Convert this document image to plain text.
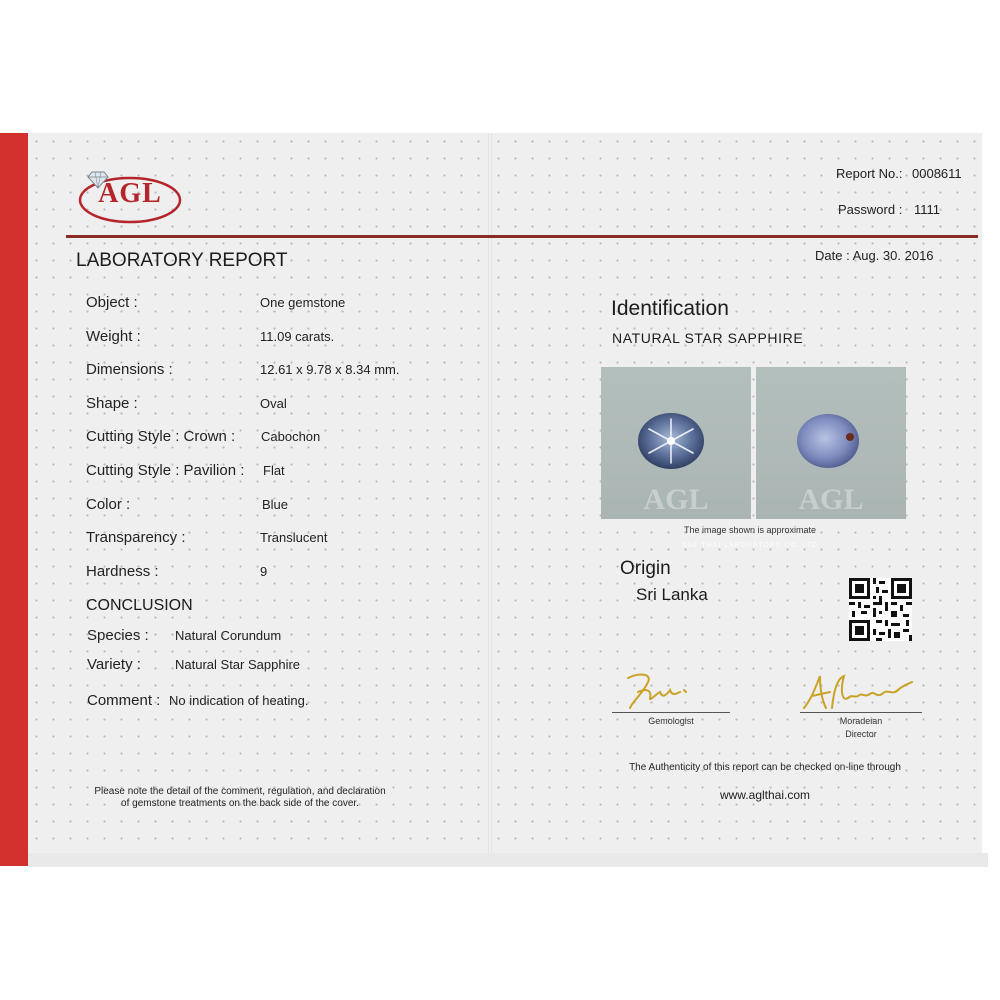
AGL
LABORATORY REPORT
Object :	One gemstone
Weight :	11.09 carats.
Dimensions :	12.61 x 9.78 x 8.34 mm.
Shape :	Oval
Cutting Style : Crown : Cabochon
Cutting Style : Pavilion : Flat
Color :	Blue
Transparency :	Translucent
Hardness :	9
CONCLUSION
Species : Natural Corundum
Variety :	Natural Star Sapphire
Comment : No indication of heating.
Please note the detail of the comment, regulation, and declaration
of gemstone treatments on the back side of the cover.
Report No.: 0008611
Password : 1111
Date : Aug. 30. 2016
Identification
NATURAL STAR SAPPHIRE
AGL	AGL
The image shown is approximate
AGL THAI LABORATORY CO.,LTD
Origin
Sri Lanka
Gemologist	Moradeian
Director
The Authenticity of this report can be checked on-line through
www.aglthai.com
